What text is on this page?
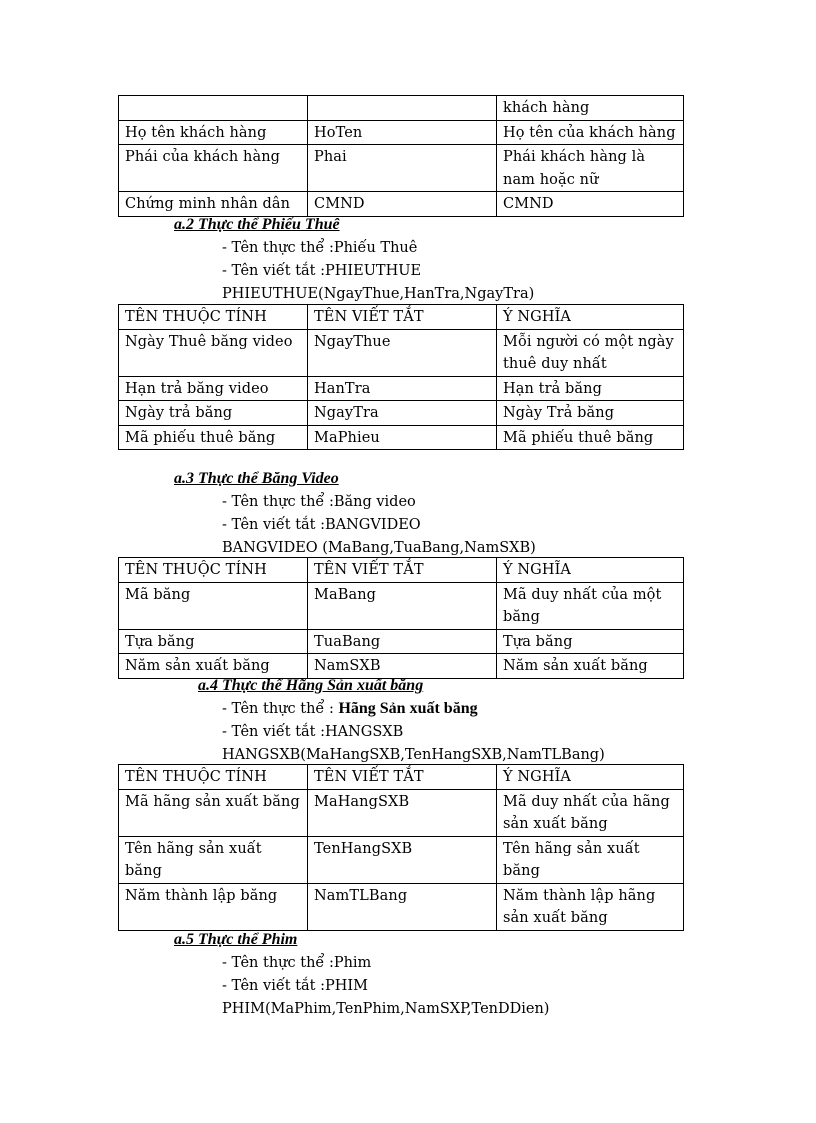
		khách hàng
Họ tên khách hàng	HoTen	Họ tên của khách hàng
Phái của khách hàng	Phai	Phái khách hàng là nam hoặc nữ
Chứng minh nhân dân	CMND	CMND
a.2 Thực thể Phiếu Thuê
- Tên thực thể :Phiếu Thuê
- Tên viết tắt :PHIEUTHUE
PHIEUTHUE(NgayThue,HanTra,NgayTra)
TÊN THUỘC TÍNH	TÊN VIẾT TẮT	Ý NGHĨA
Ngày Thuê băng video	NgayThue	Mỗi người có một ngày thuê duy nhất
Hạn trả băng video	HanTra	Hạn trả băng
Ngày trả băng	NgayTra	Ngày Trả băng
Mã phiếu thuê băng	MaPhieu	Mã phiếu thuê băng
a.3 Thực thể Băng Video
- Tên thực thể :Băng video
- Tên viết tắt :BANGVIDEO
BANGVIDEO (MaBang,TuaBang,NamSXB)
TÊN THUỘC TÍNH	TÊN VIẾT TẮT	Ý NGHĨA
Mã băng	MaBang	Mã duy nhất của một băng
Tựa băng	TuaBang	Tựa băng
Năm sản xuất băng	NamSXB	Năm sản xuất băng
a.4 Thực thể Hãng Sản xuất băng
- Tên thực thể : Hãng Sản xuất băng
- Tên viết tắt :HANGSXB
HANGSXB(MaHangSXB,TenHangSXB,NamTLBang)
TÊN THUỘC TÍNH	TÊN VIẾT TẮT	Ý NGHĨA
Mã hãng sản xuất băng	MaHangSXB	Mã duy nhất của hãng sản xuất băng
Tên hãng sản xuất băng	TenHangSXB	Tên hãng sản xuất băng
Năm thành lập băng	NamTLBang	Năm thành lập hãng sản xuất băng
a.5 Thực thể Phim
- Tên thực thể :Phim
- Tên viết tắt :PHIM
PHIM(MaPhim,TenPhim,NamSXP,TenDDien)
